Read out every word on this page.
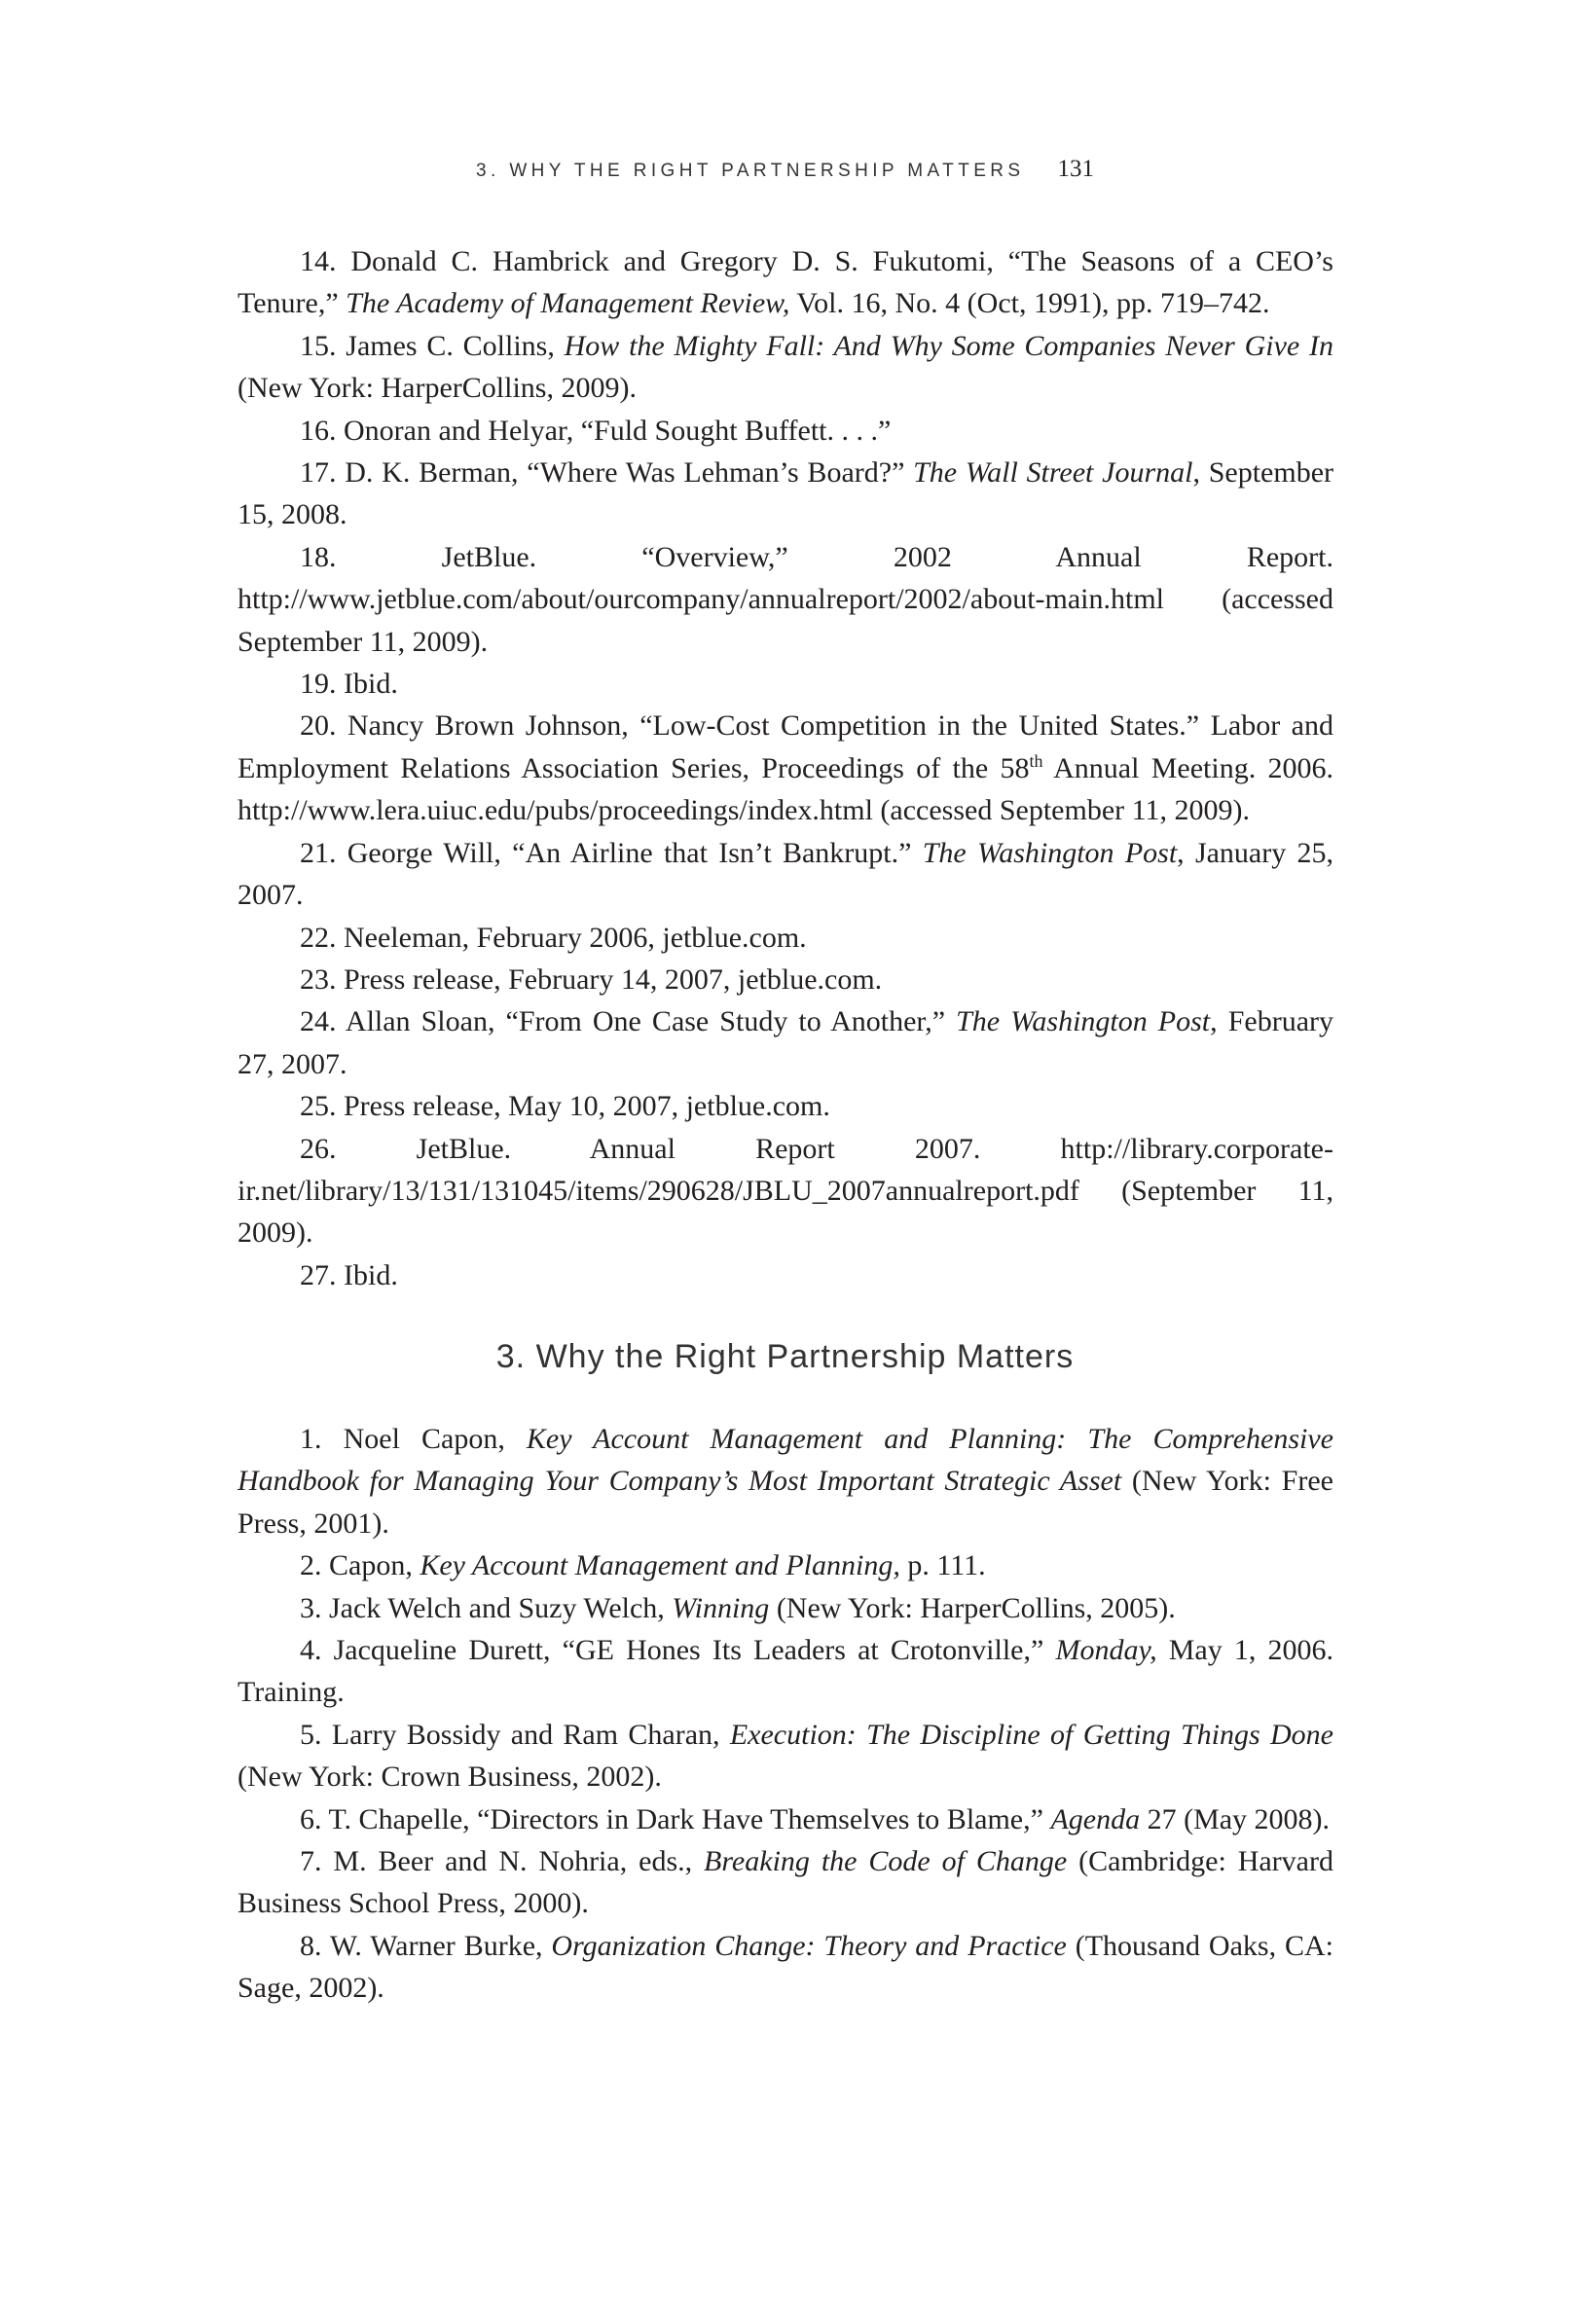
3. WHY THE RIGHT PARTNERSHIP MATTERS 131

14. Donald C. Hambrick and Gregory D. S. Fukutomi, “The Seasons of a CEO’s Tenure,” The Academy of Management Review, Vol. 16, No. 4 (Oct, 1991), pp. 719–742.

15. James C. Collins, How the Mighty Fall: And Why Some Companies Never Give In (New York: HarperCollins, 2009).

16. Onoran and Helyar, “Fuld Sought Buffett. . . .”

17. D. K. Berman, “Where Was Lehman’s Board?” The Wall Street Journal, September 15, 2008.

18. JetBlue. “Overview,” 2002 Annual Report. http://www.jetblue.com/about/ourcompany/annualreport/2002/about-main.html (accessed September 11, 2009).

19. Ibid.

20. Nancy Brown Johnson, “Low-Cost Competition in the United States.” Labor and Employment Relations Association Series, Proceedings of the 58th Annual Meeting. 2006. http://www.lera.uiuc.edu/pubs/proceedings/index.html (accessed September 11, 2009).

21. George Will, “An Airline that Isn’t Bankrupt.” The Washington Post, January 25, 2007.

22. Neeleman, February 2006, jetblue.com.

23. Press release, February 14, 2007, jetblue.com.

24. Allan Sloan, “From One Case Study to Another,” The Washington Post, February 27, 2007.

25. Press release, May 10, 2007, jetblue.com.

26. JetBlue. Annual Report 2007. http://library.corporate-ir.net/library/13/131/131045/items/290628/JBLU_2007annualreport.pdf (September 11, 2009).

27. Ibid.

3. Why the Right Partnership Matters

1. Noel Capon, Key Account Management and Planning: The Comprehensive Handbook for Managing Your Company’s Most Important Strategic Asset (New York: Free Press, 2001).

2. Capon, Key Account Management and Planning, p. 111.

3. Jack Welch and Suzy Welch, Winning (New York: HarperCollins, 2005).

4. Jacqueline Durett, “GE Hones Its Leaders at Crotonville,” Monday, May 1, 2006. Training.

5. Larry Bossidy and Ram Charan, Execution: The Discipline of Getting Things Done (New York: Crown Business, 2002).

6. T. Chapelle, “Directors in Dark Have Themselves to Blame,” Agenda 27 (May 2008).

7. M. Beer and N. Nohria, eds., Breaking the Code of Change (Cambridge: Harvard Business School Press, 2000).

8. W. Warner Burke, Organization Change: Theory and Practice (Thousand Oaks, CA: Sage, 2002).
